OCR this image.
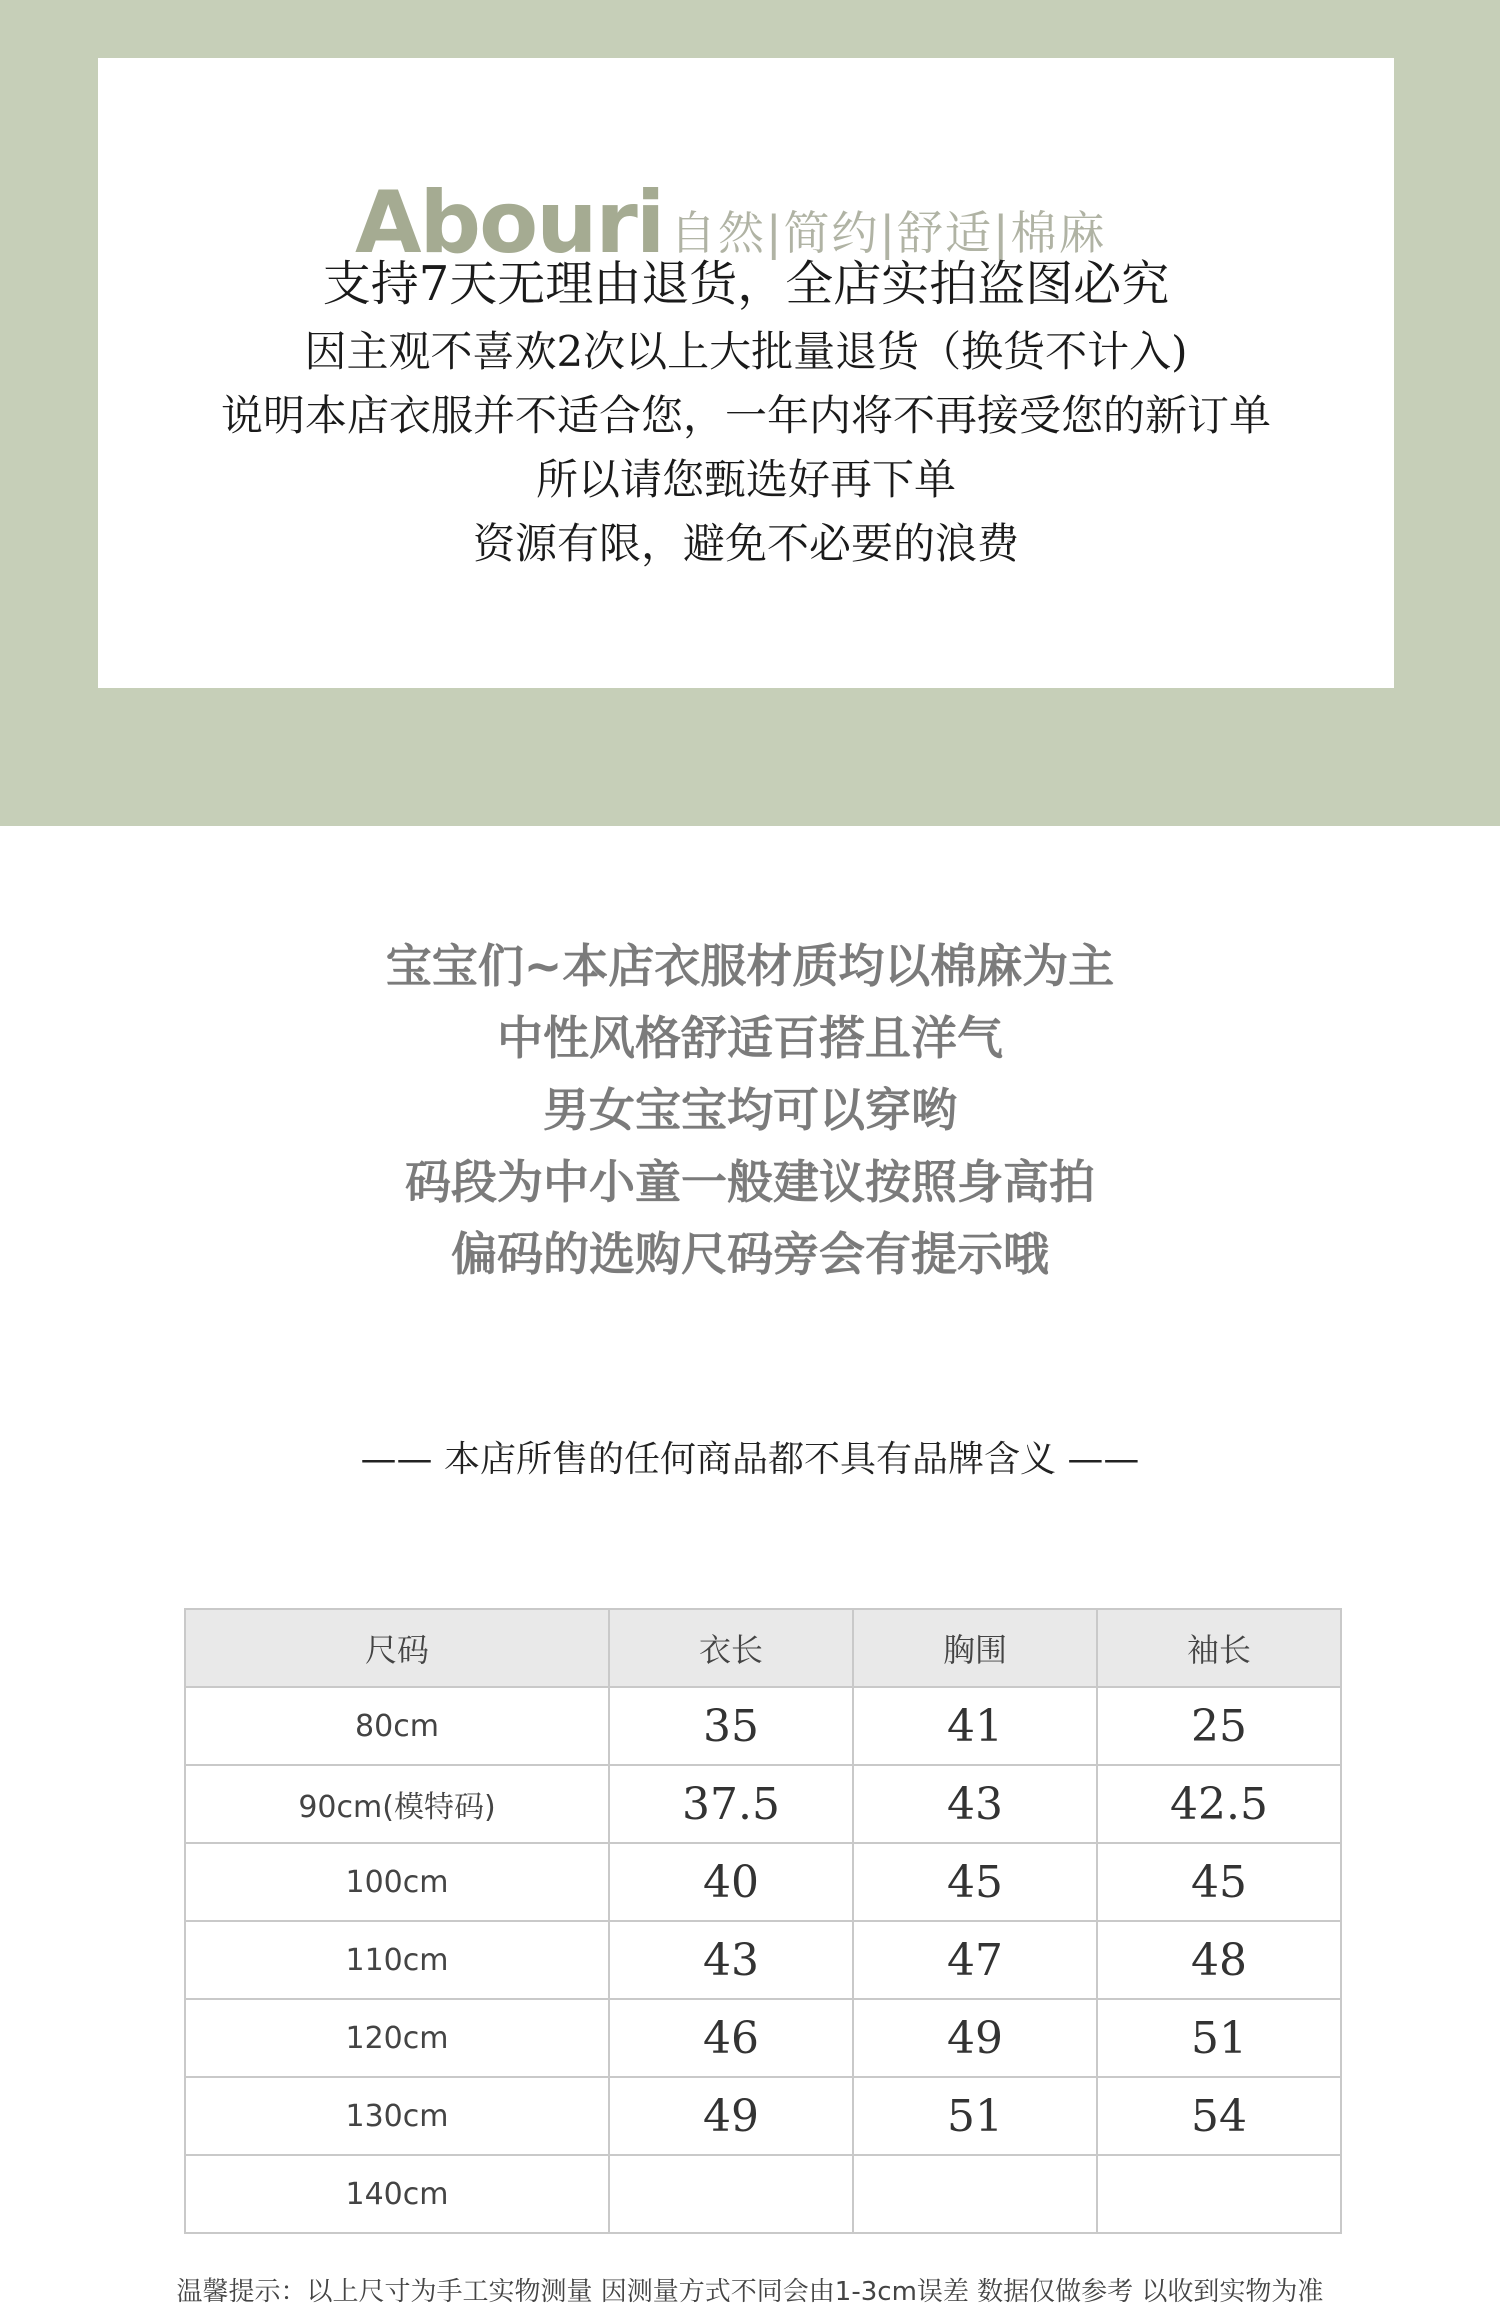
Abouri 自然|简约|舒适|棉麻
支持7天无理由退货，全店实拍盗图必究
因主观不喜欢2次以上大批量退货（换货不计入)
说明本店衣服并不适合您，一年内将不再接受您的新订单
所以请您甄选好再下单
资源有限，避免不必要的浪费
宝宝们~本店衣服材质均以棉麻为主
中性风格舒适百搭且洋气
男女宝宝均可以穿哟
码段为中小童一般建议按照身高拍
偏码的选购尺码旁会有提示哦
—— 本店所售的任何商品都不具有品牌含义 ——
尺码	衣长	胸围	袖长
80cm	35	41	25
90cm(模特码)	37.5	43	42.5
100cm	40	45	45
110cm	43	47	48
120cm	46	49	51
130cm	49	51	54
140cm			
温馨提示：以上尺寸为手工实物测量 因测量方式不同会由1-3cm误差 数据仅做参考 以收到实物为准
